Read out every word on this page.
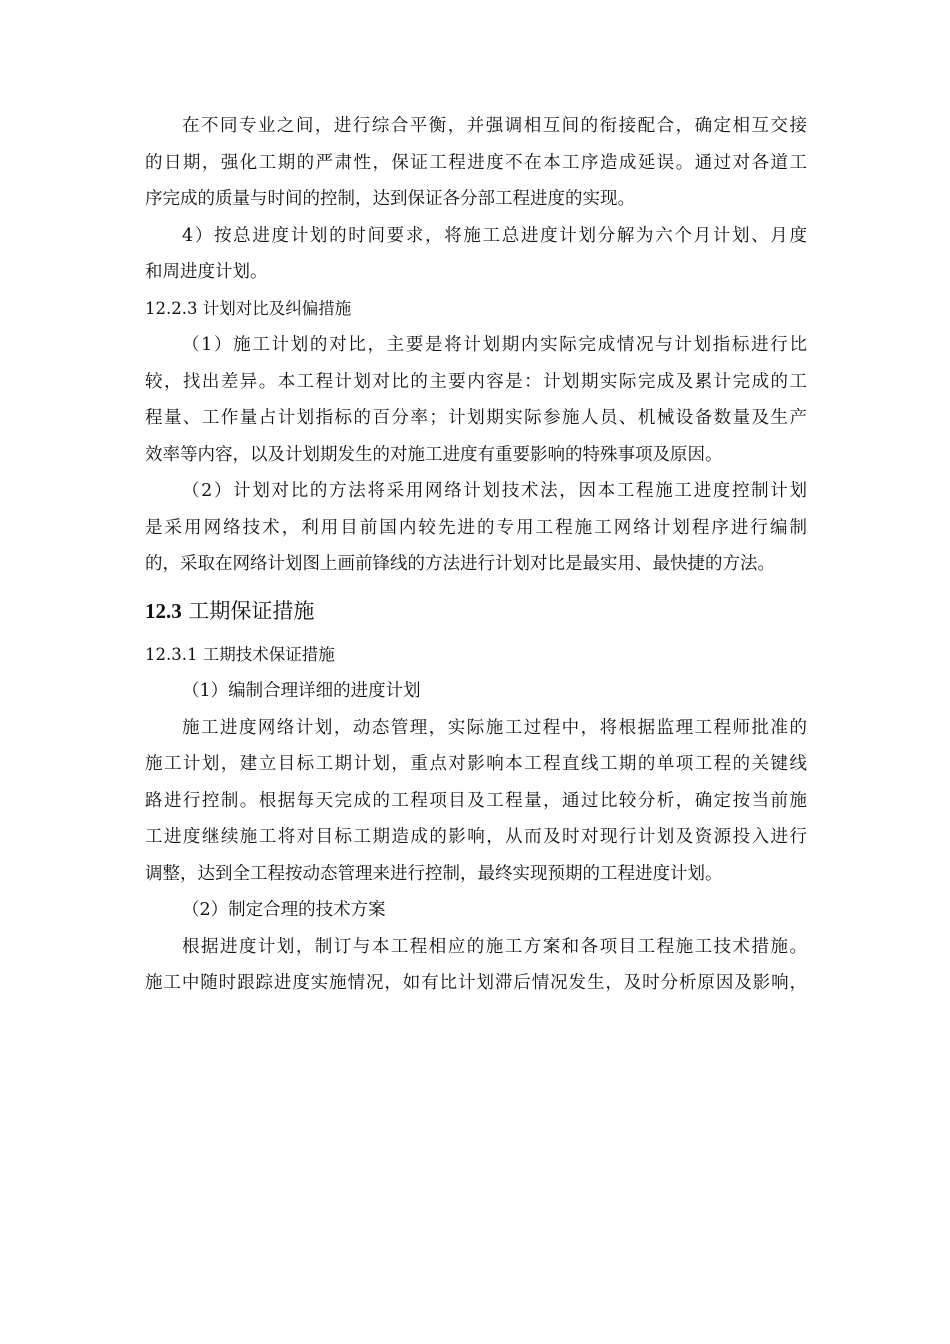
在不同专业之间，进行综合平衡，并强调相互间的衔接配合，确定相互交接

的日期，强化工期的严肃性，保证工程进度不在本工序造成延误。通过对各道工

序完成的质量与时间的控制，达到保证各分部工程进度的实现。

4）按总进度计划的时间要求，将施工总进度计划分解为六个月计划、月度

和周进度计划。

12.2.3 计划对比及纠偏措施

（1）施工计划的对比，主要是将计划期内实际完成情况与计划指标进行比

较，找出差异。本工程计划对比的主要内容是：计划期实际完成及累计完成的工

程量、工作量占计划指标的百分率；计划期实际参施人员、机械设备数量及生产

效率等内容，以及计划期发生的对施工进度有重要影响的特殊事项及原因。

（2）计划对比的方法将采用网络计划技术法，因本工程施工进度控制计划

是采用网络技术，利用目前国内较先进的专用工程施工网络计划程序进行编制

的，采取在网络计划图上画前锋线的方法进行计划对比是最实用、最快捷的方法。

12.3 工期保证措施

12.3.1 工期技术保证措施

（1）编制合理详细的进度计划

施工进度网络计划，动态管理，实际施工过程中，将根据监理工程师批准的

施工计划，建立目标工期计划，重点对影响本工程直线工期的单项工程的关键线

路进行控制。根据每天完成的工程项目及工程量，通过比较分析，确定按当前施

工进度继续施工将对目标工期造成的影响，从而及时对现行计划及资源投入进行

调整，达到全工程按动态管理来进行控制，最终实现预期的工程进度计划。

（2）制定合理的技术方案

根据进度计划，制订与本工程相应的施工方案和各项目工程施工技术措施。

施工中随时跟踪进度实施情况，如有比计划滞后情况发生，及时分析原因及影响，
